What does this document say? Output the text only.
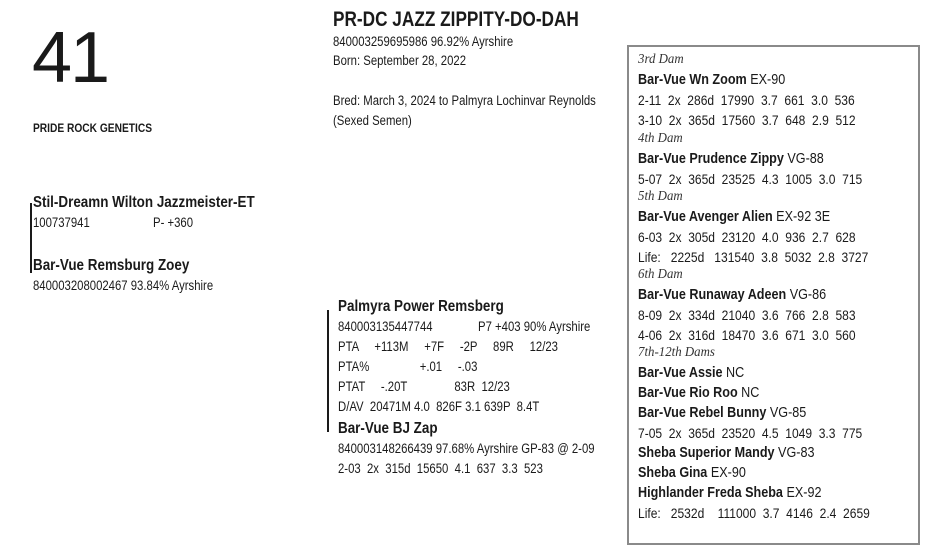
41
PRIDE ROCK GENETICS
PR-DC JAZZ ZIPPITY-DO-DAH
840003259695986 96.92% Ayrshire
Born: September 28, 2022
Bred: March 3, 2024 to Palmyra Lochinvar Reynolds
(Sexed Semen)
Stil-Dreamn Wilton Jazzmeister-ET
100737941	P- +360
Bar-Vue Remsburg Zoey
840003208002467 93.84% Ayrshire
Palmyra Power Remsberg
840003135447744	P7 +403 90% Ayrshire
PTA     +113M     +7F     -2P     89R     12/23
PTA%                +.01     -.03
PTAT     -.20T               83R  12/23
D/AV  20471M 4.0  826F 3.1 639P  8.4T
Bar-Vue BJ Zap
840003148266439 97.68% Ayrshire GP-83 @ 2-09
2-03  2x  315d  15650  4.1  637  3.3  523
3rd Dam
Bar-Vue Wn Zoom EX-90
2-11  2x  286d  17990  3.7  661  3.0  536
3-10  2x  365d  17560  3.7  648  2.9  512
4th Dam
Bar-Vue Prudence Zippy VG-88
5-07  2x  365d  23525  4.3  1005  3.0  715
5th Dam
Bar-Vue Avenger Alien EX-92 3E
6-03  2x  305d  23120  4.0  936  2.7  628
Life:   2225d   131540  3.8  5032  2.8  3727
6th Dam
Bar-Vue Runaway Adeen VG-86
8-09  2x  334d  21040  3.6  766  2.8  583
4-06  2x  316d  18470  3.6  671  3.0  560
7th-12th Dams
Bar-Vue Assie NC
Bar-Vue Rio Roo NC
Bar-Vue Rebel Bunny VG-85
7-05  2x  365d  23520  4.5  1049  3.3  775
Sheba Superior Mandy VG-83
Sheba Gina EX-90
Highlander Freda Sheba EX-92
Life:   2532d    111000  3.7  4146  2.4  2659
